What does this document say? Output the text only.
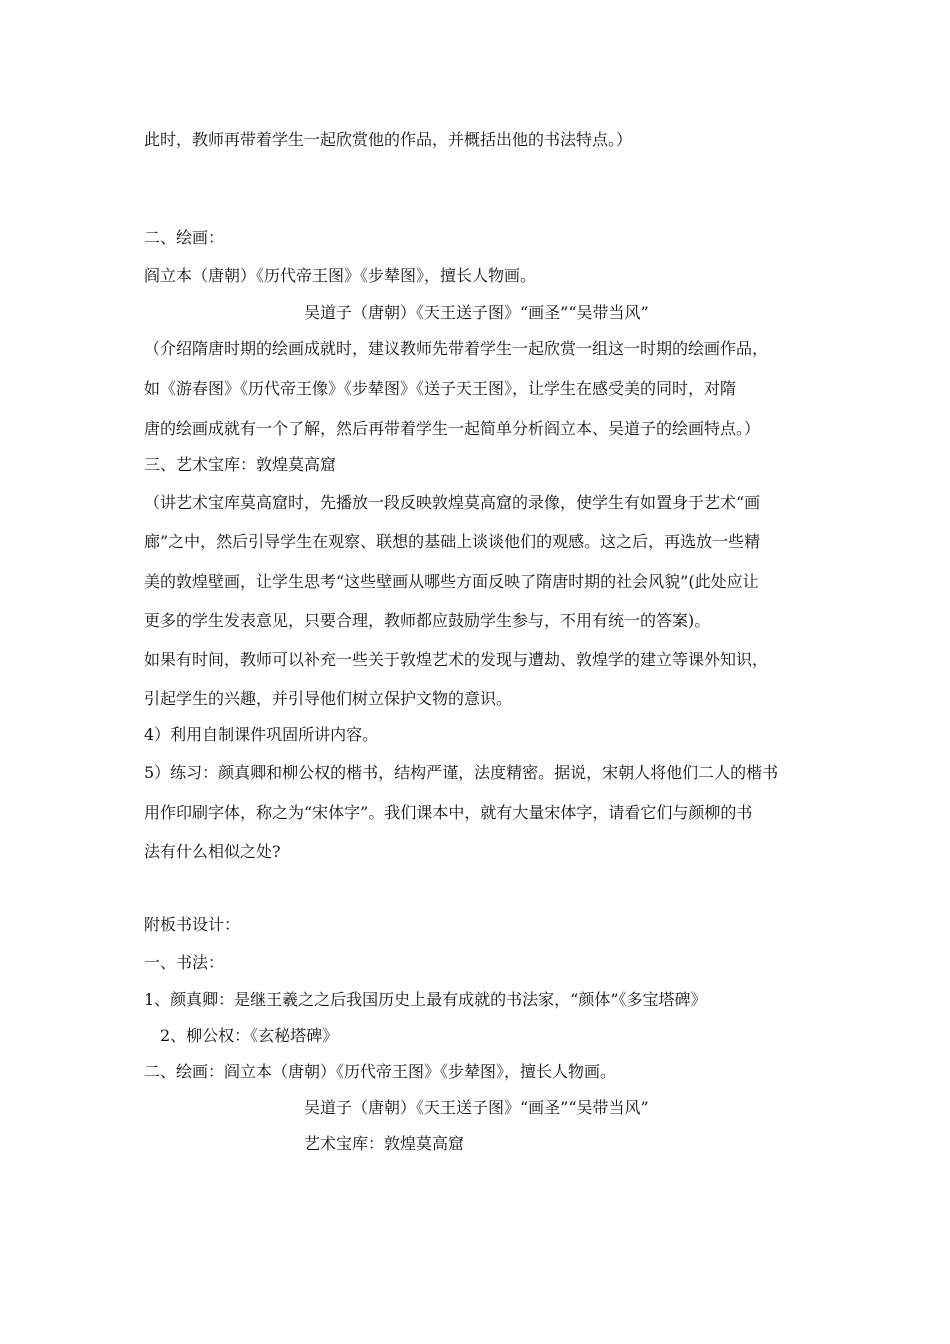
此时，教师再带着学生一起欣赏他的作品，并概括出他的书法特点。）
二、绘画：
阎立本（唐朝）《历代帝王图》《步辇图》，擅长人物画。
吴道子（唐朝）《天王送子图》“画圣”“吴带当风”
（介绍隋唐时期的绘画成就时，建议教师先带着学生一起欣赏一组这一时期的绘画作品，
如《游春图》《历代帝王像》《步辇图》《送子天王图》，让学生在感受美的同时，对隋
唐的绘画成就有一个了解，然后再带着学生一起简单分析阎立本、吴道子的绘画特点。）
三、艺术宝库：敦煌莫高窟
（讲艺术宝库莫高窟时，先播放一段反映敦煌莫高窟的录像，使学生有如置身于艺术“画
廊”之中，然后引导学生在观察、联想的基础上谈谈他们的观感。这之后，再选放一些精
美的敦煌壁画，让学生思考“这些壁画从哪些方面反映了隋唐时期的社会风貌”(此处应让
更多的学生发表意见，只要合理，教师都应鼓励学生参与，不用有统一的答案)。
如果有时间，教师可以补充一些关于敦煌艺术的发现与遭劫、敦煌学的建立等课外知识，
引起学生的兴趣，并引导他们树立保护文物的意识。
4）利用自制课件巩固所讲内容。
5）练习：颜真卿和柳公权的楷书，结构严谨，法度精密。据说，宋朝人将他们二人的楷书
用作印刷字体，称之为“宋体字”。我们课本中，就有大量宋体字，请看它们与颜柳的书
法有什么相似之处?
附板书设计：
一、书法：
1、颜真卿：是继王羲之之后我国历史上最有成就的书法家，“颜体”《多宝塔碑》
2、柳公权：《玄秘塔碑》
二、绘画：阎立本（唐朝）《历代帝王图》《步辇图》，擅长人物画。
吴道子（唐朝）《天王送子图》“画圣”“吴带当风”
艺术宝库：敦煌莫高窟
